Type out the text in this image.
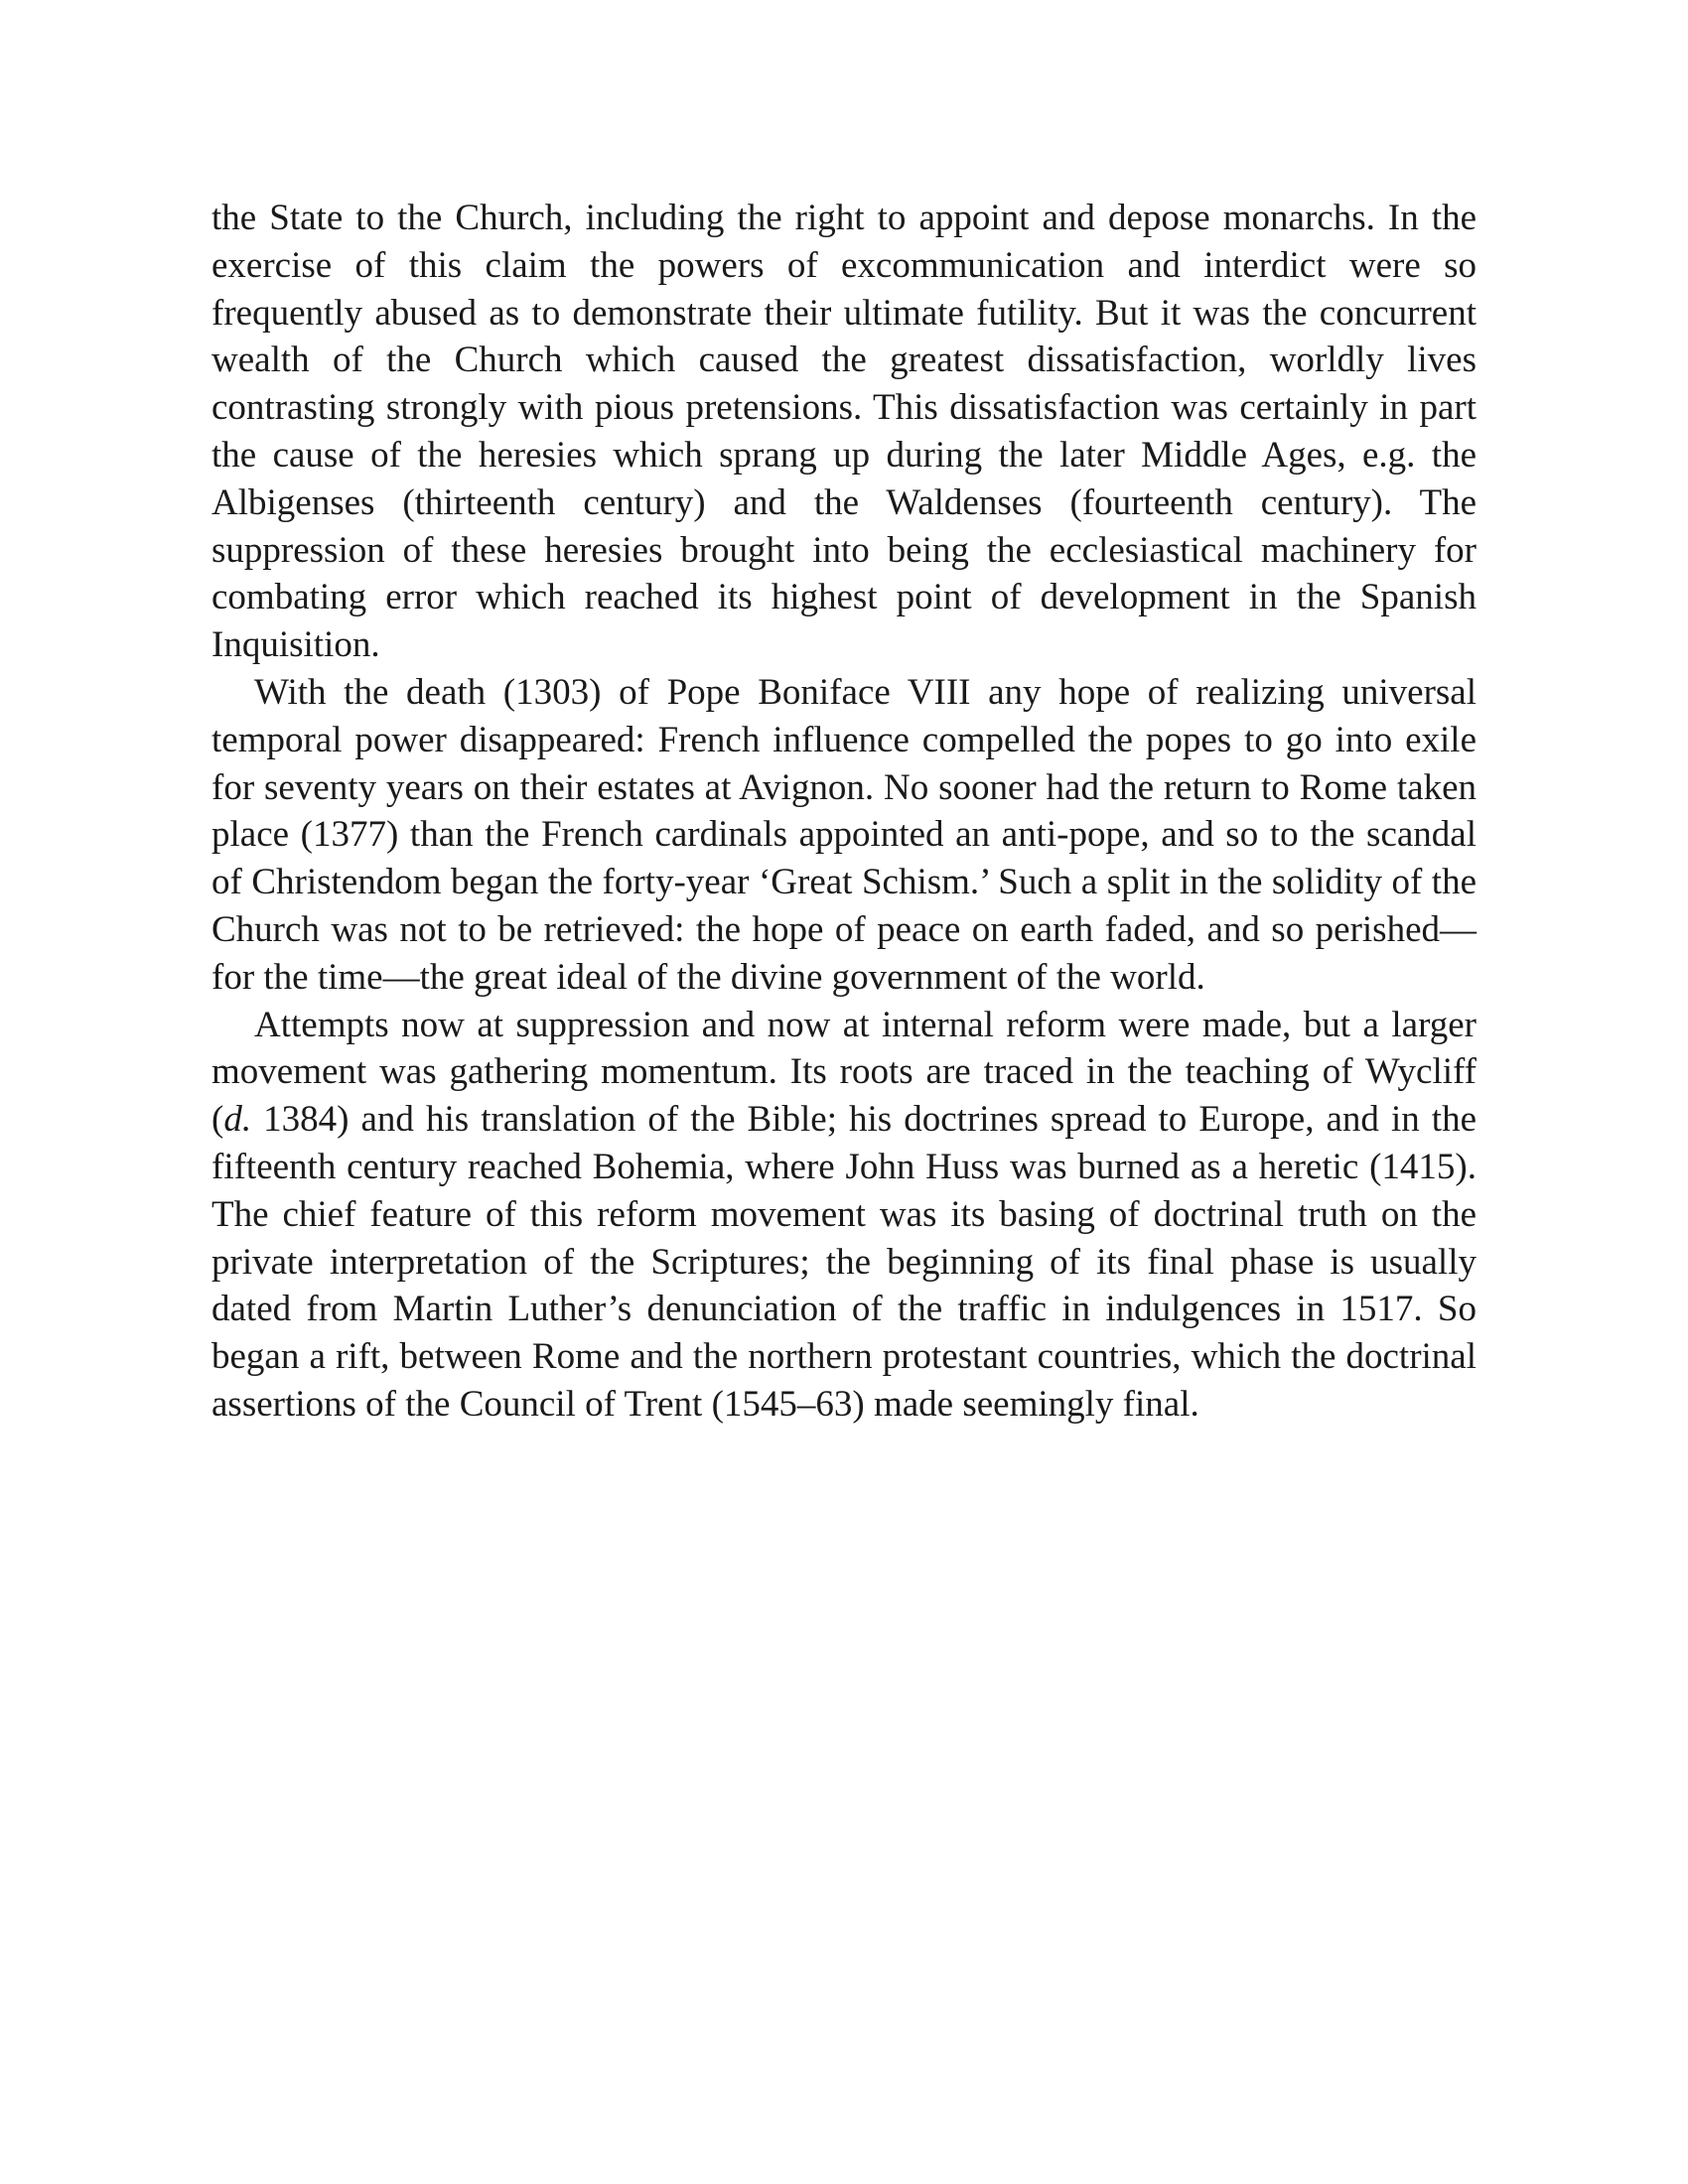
the State to the Church, including the right to appoint and depose monarchs. In the exercise of this claim the powers of excommunication and interdict were so frequently abused as to demonstrate their ultimate futility. But it was the concurrent wealth of the Church which caused the greatest dissatisfaction, worldly lives contrasting strongly with pious pretensions. This dissatisfaction was certainly in part the cause of the heresies which sprang up during the later Middle Ages, e.g. the Albigenses (thirteenth century) and the Waldenses (fourteenth century). The suppression of these heresies brought into being the ecclesiastical machinery for combating error which reached its highest point of development in the Spanish Inquisition.

With the death (1303) of Pope Boniface VIII any hope of realizing universal temporal power disappeared: French influence compelled the popes to go into exile for seventy years on their estates at Avignon. No sooner had the return to Rome taken place (1377) than the French cardinals appointed an anti-pope, and so to the scandal of Christendom began the forty-year ‘Great Schism.’ Such a split in the solidity of the Church was not to be retrieved: the hope of peace on earth faded, and so perished—for the time—the great ideal of the divine government of the world.

Attempts now at suppression and now at internal reform were made, but a larger movement was gathering momentum. Its roots are traced in the teaching of Wycliff (d. 1384) and his translation of the Bible; his doctrines spread to Europe, and in the fifteenth century reached Bohemia, where John Huss was burned as a heretic (1415). The chief feature of this reform movement was its basing of doctrinal truth on the private interpretation of the Scriptures; the beginning of its final phase is usually dated from Martin Luther’s denunciation of the traffic in indulgences in 1517. So began a rift, between Rome and the northern protestant countries, which the doctrinal assertions of the Council of Trent (1545–63) made seemingly final.
